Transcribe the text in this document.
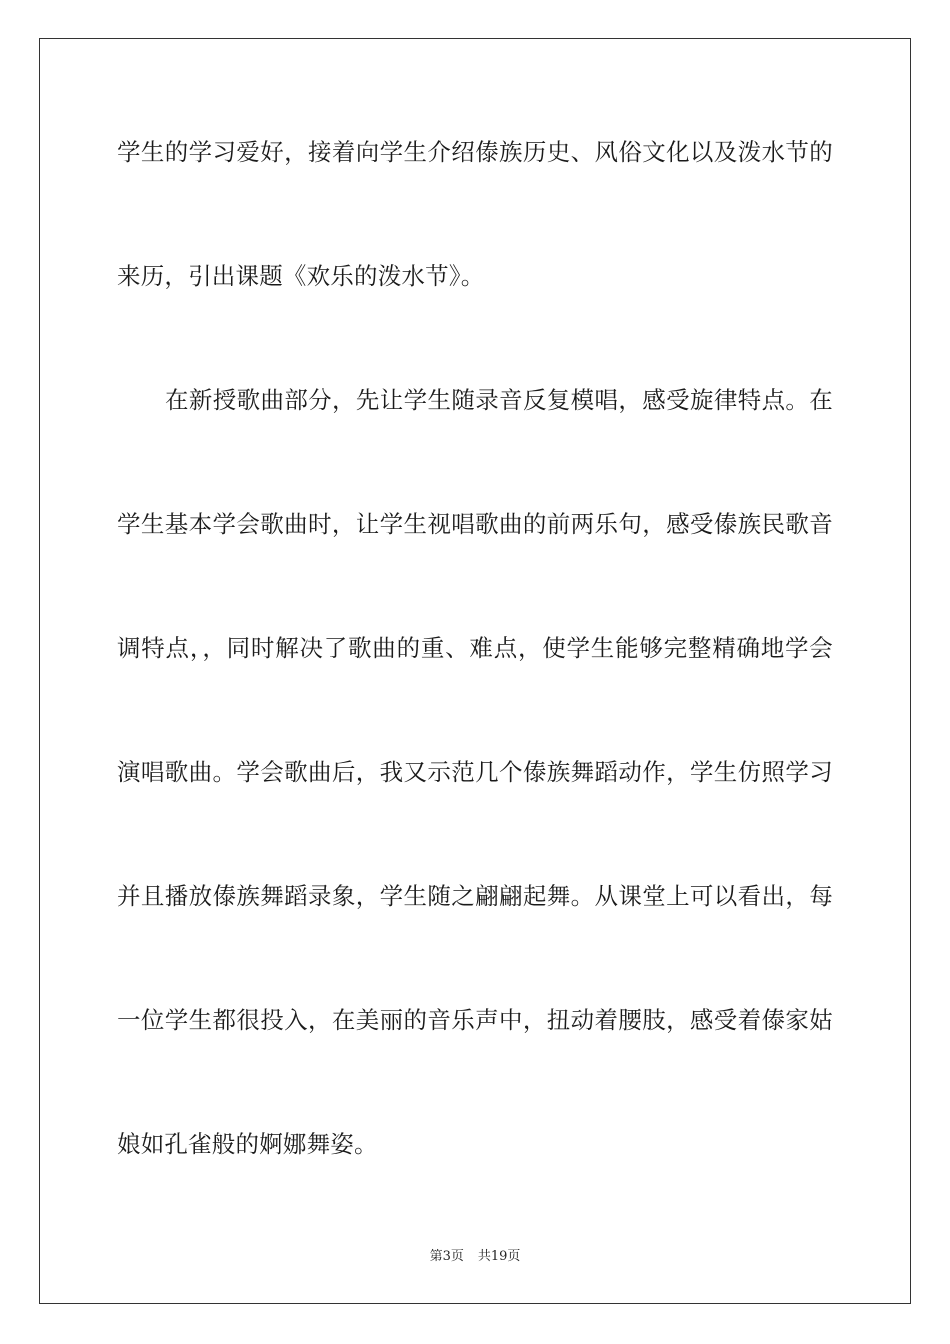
学生的学习爱好，接着向学生介绍傣族历史、风俗文化以及泼水节的
来历，引出课题《欢乐的泼水节》。
在新授歌曲部分，先让学生随录音反复模唱，感受旋律特点。在
学生基本学会歌曲时，让学生视唱歌曲的前两乐句，感受傣族民歌音
调特点，，同时解决了歌曲的重、难点，使学生能够完整精确地学会
演唱歌曲。学会歌曲后，我又示范几个傣族舞蹈动作，学生仿照学习
并且播放傣族舞蹈录象，学生随之翩翩起舞。从课堂上可以看出，每
一位学生都很投入，在美丽的音乐声中，扭动着腰肢，感受着傣家姑
娘如孔雀般的婀娜舞姿。
第3页 共19页
